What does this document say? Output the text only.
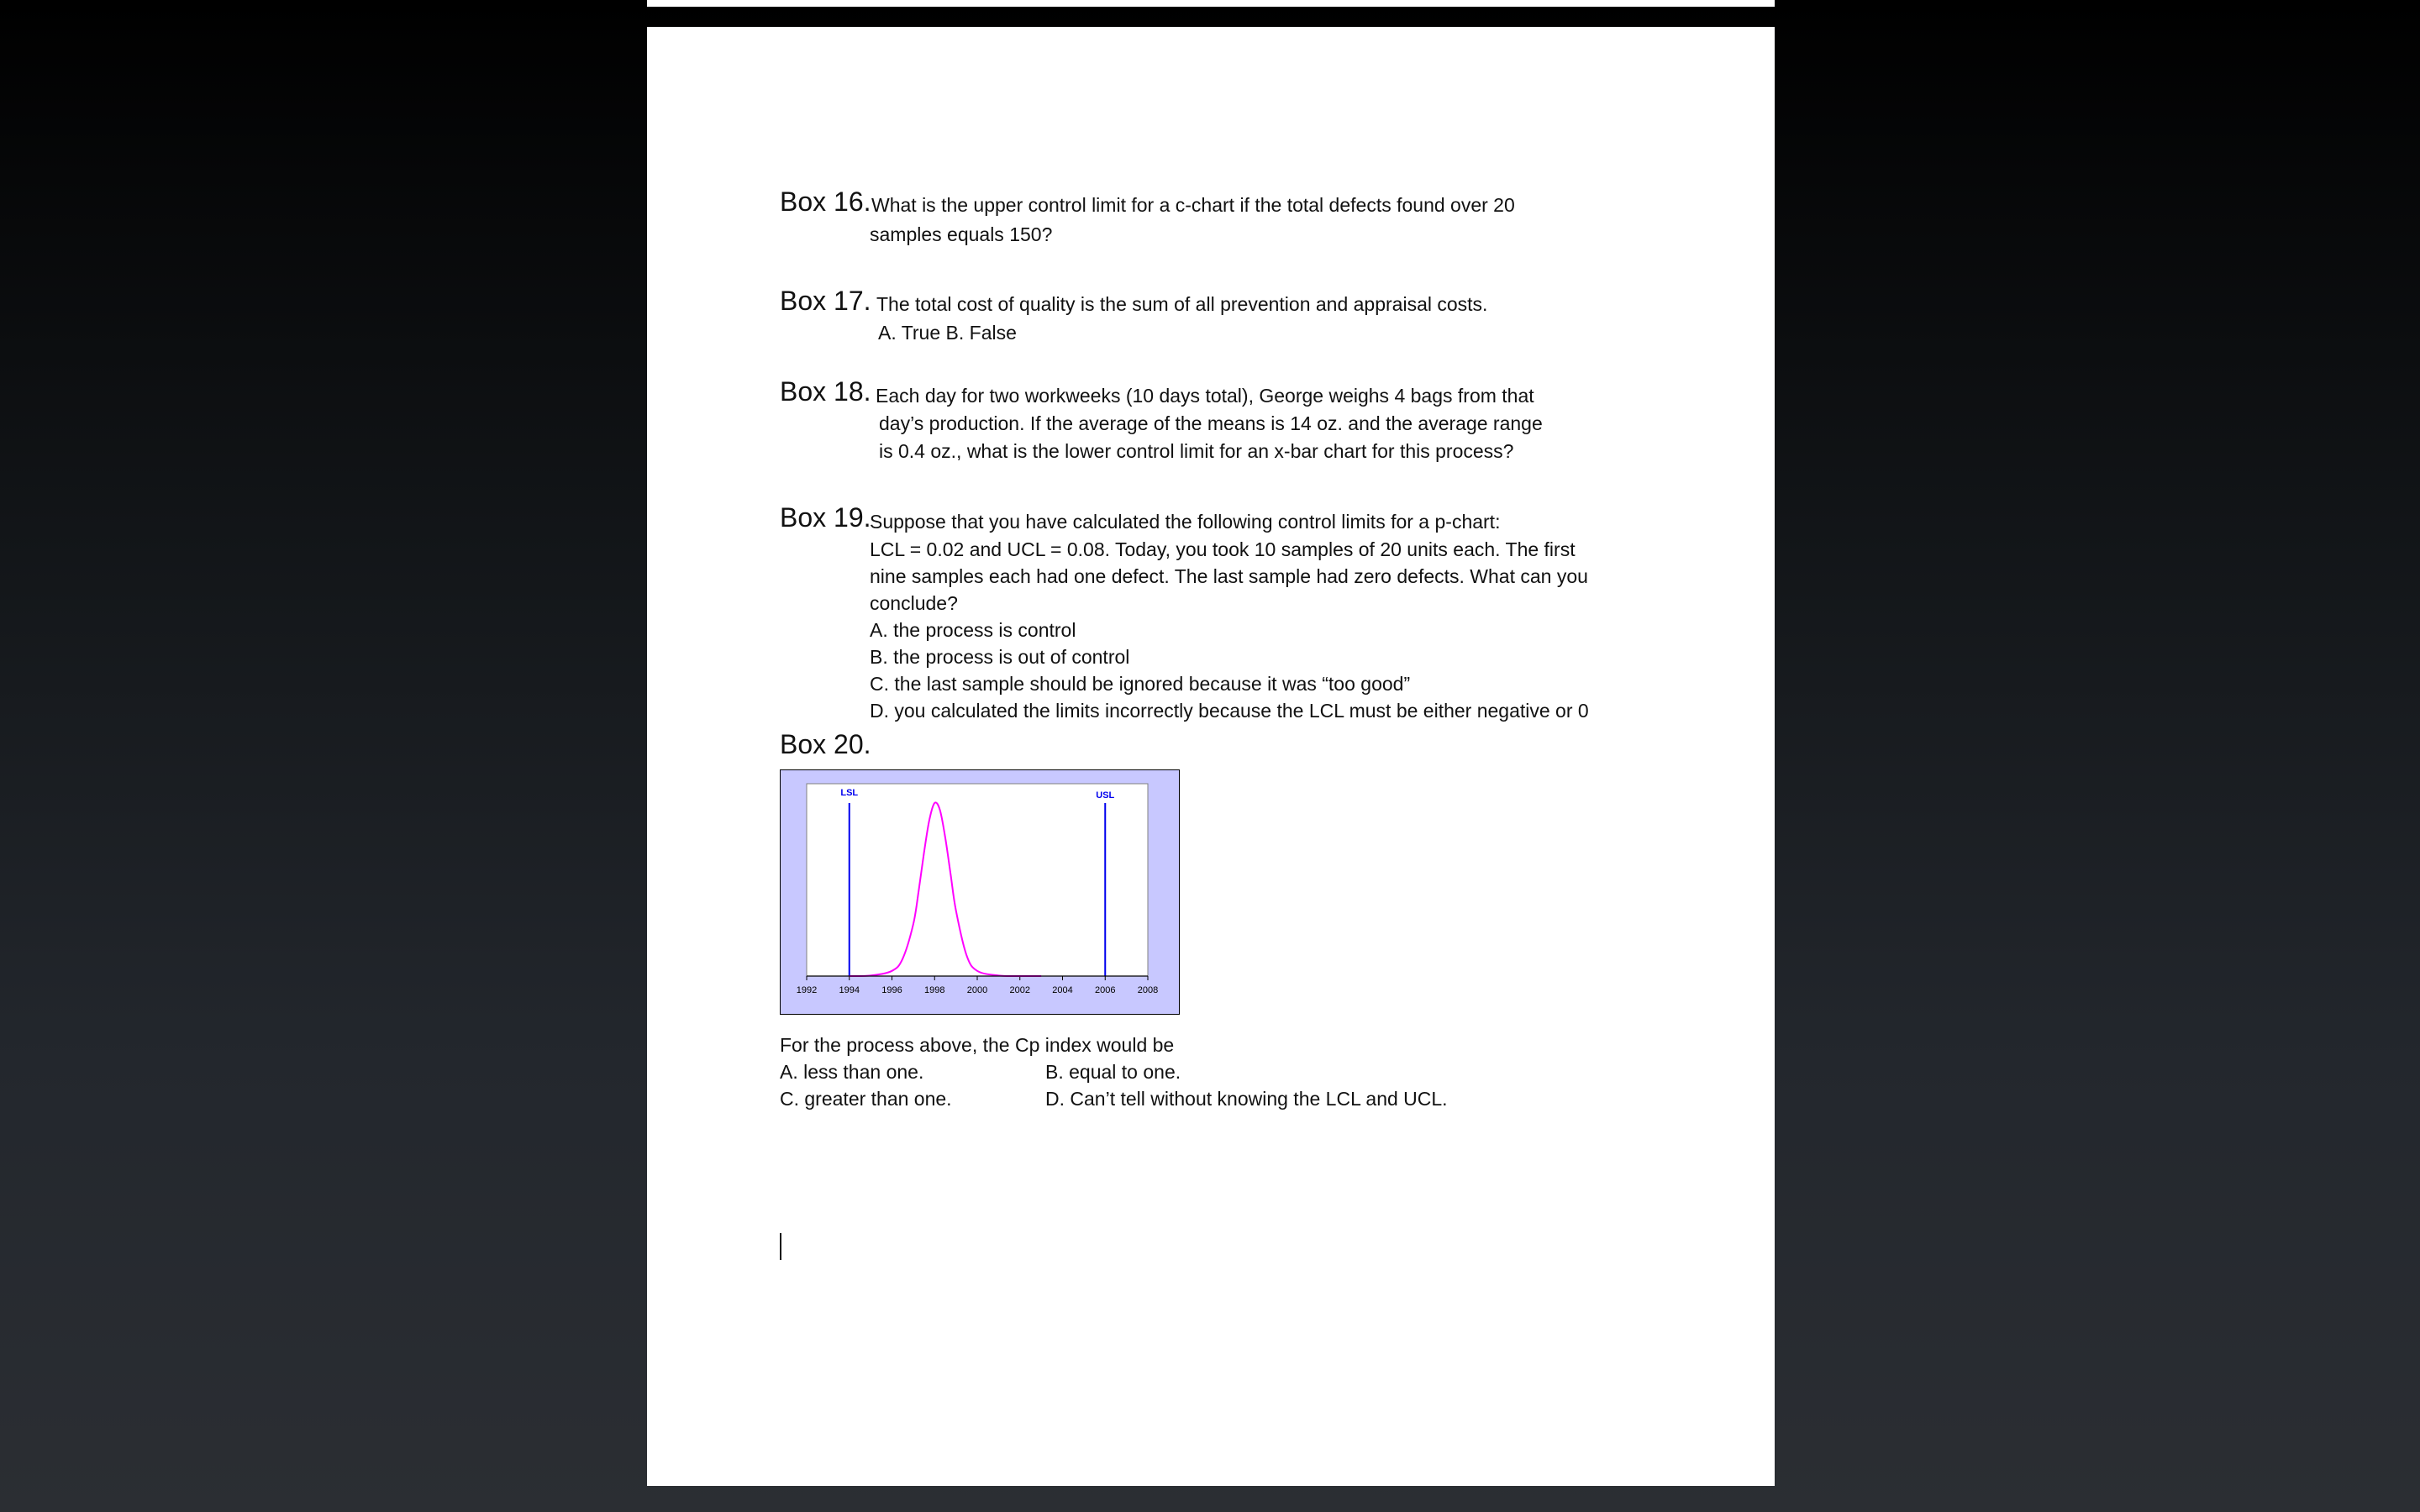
Box 16. What is the upper control limit for a c-chart if the total defects found over 20
samples equals 150?
Box 17. The total cost of quality is the sum of all prevention and appraisal costs.
A. True B. False
Box 18. Each day for two workweeks (10 days total), George weighs 4 bags from that
day’s production. If the average of the means is 14 oz. and the average range
is 0.4 oz., what is the lower control limit for an x-bar chart for this process?
Box 19.
Suppose that you have calculated the following control limits for a p-chart:
LCL = 0.02 and UCL = 0.08. Today, you took 10 samples of 20 units each. The first
nine samples each had one defect. The last sample had zero defects. What can you
conclude?
A. the process is control
B. the process is out of control
C. the last sample should be ignored because it was “too good”
D. you calculated the limits incorrectly because the LCL must be either negative or 0
Box 20.
1992 1994 1996 1998 2000 2002 2004 2006 2008
LSL	USL
For the process above, the Cp index would be
A. less than one.	B. equal to one.
C. greater than one.	D. Can’t tell without knowing the LCL and UCL.
